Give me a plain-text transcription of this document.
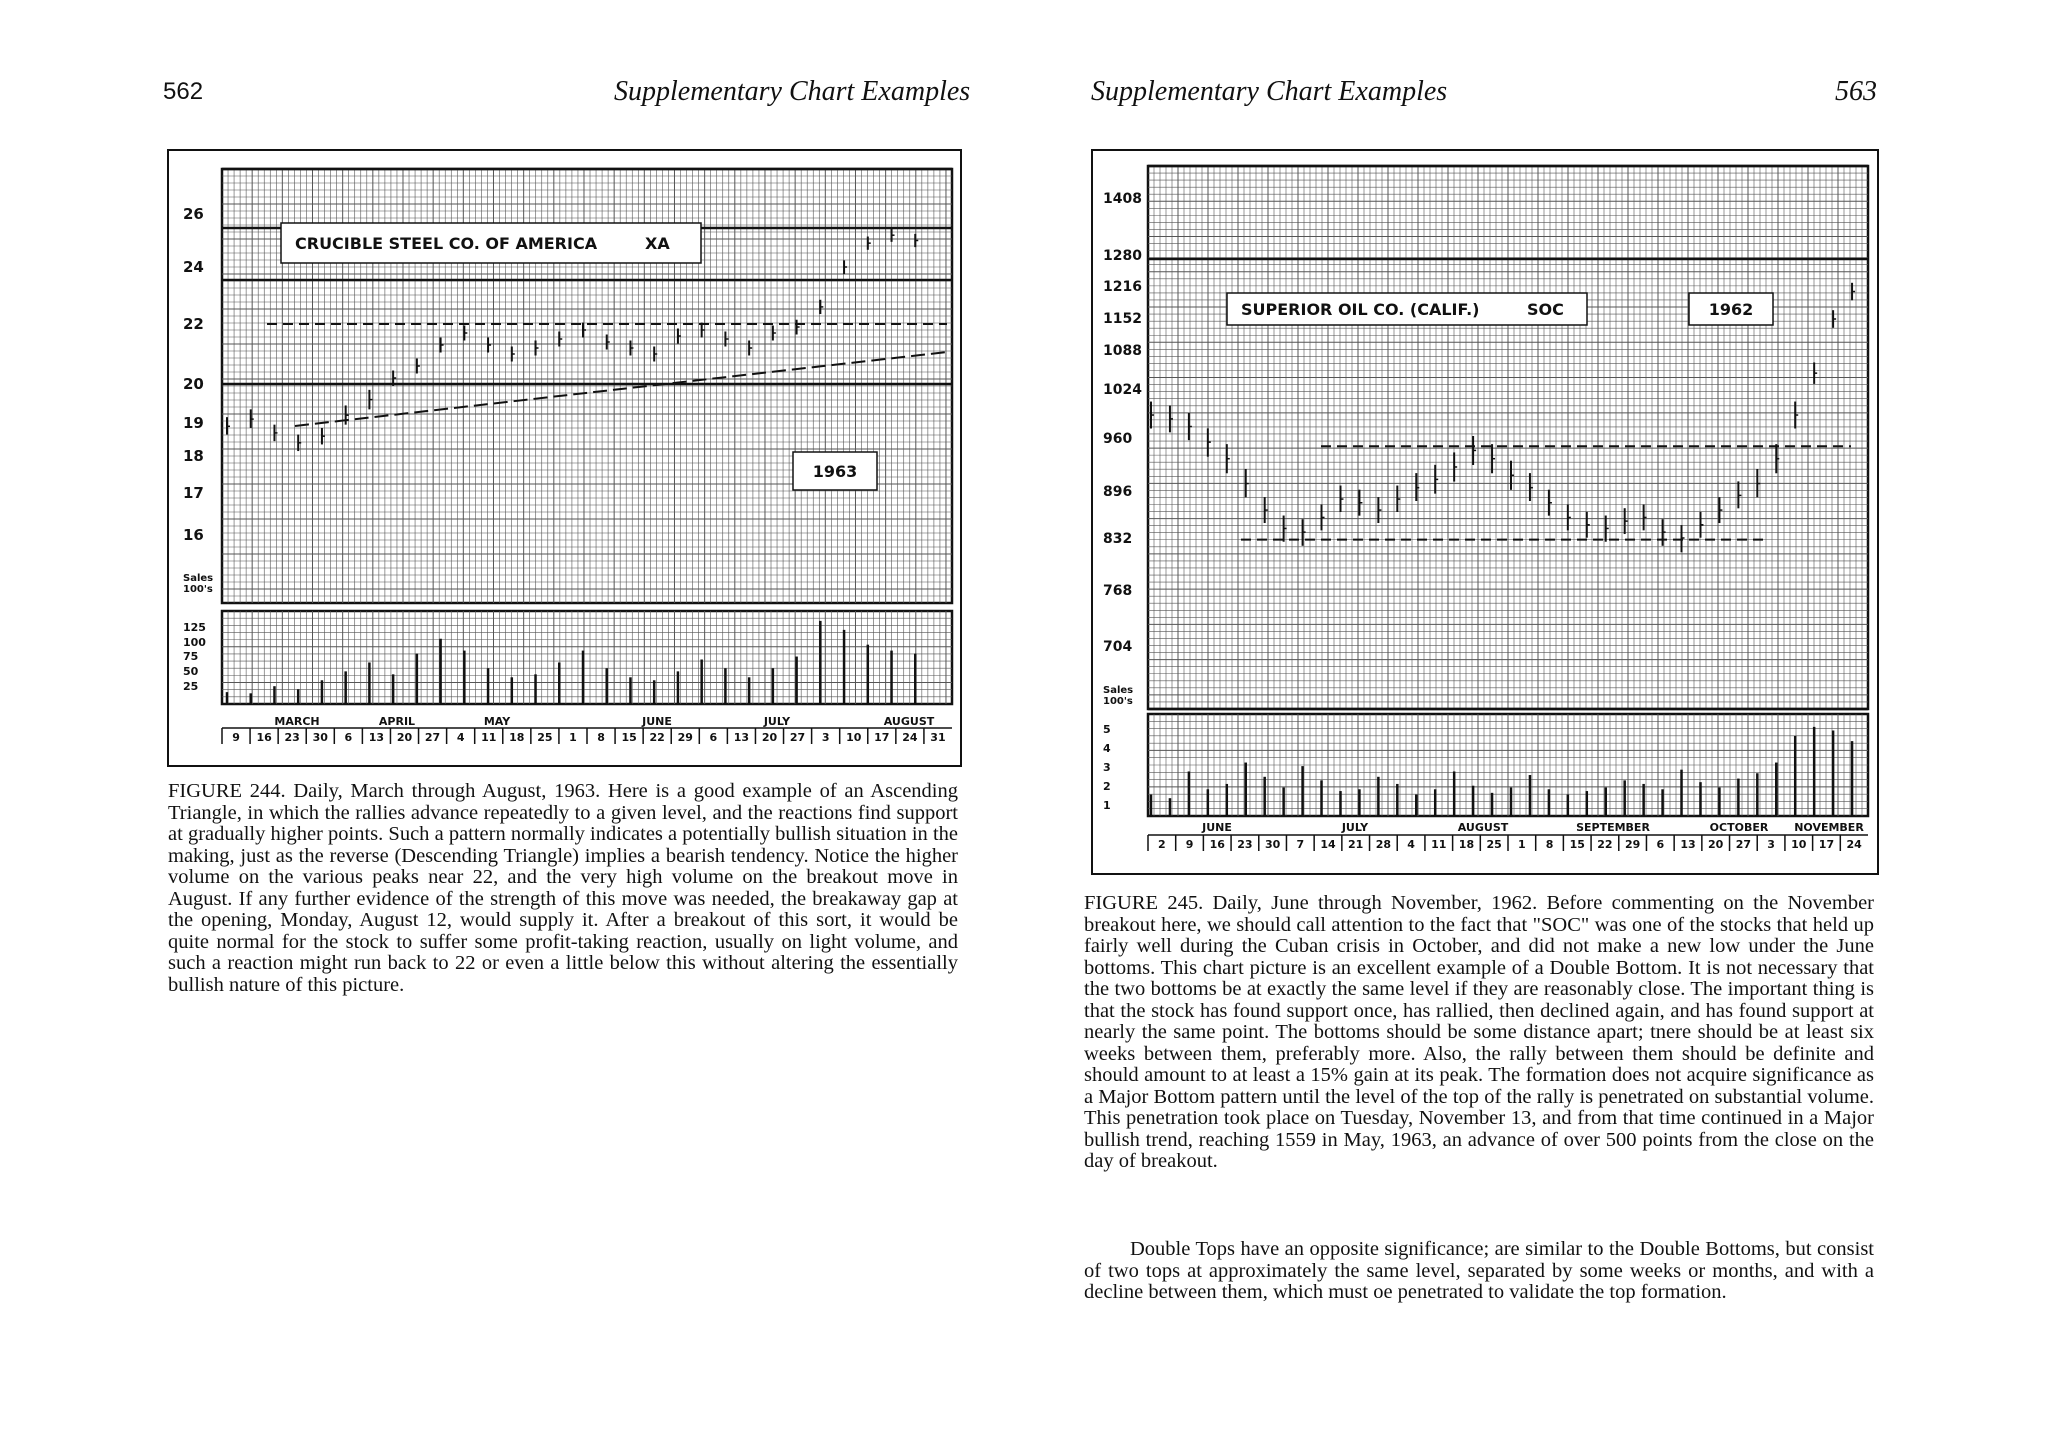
562	Supplementary Chart Examples	Supplementary Chart Examples	563
26
24
22
20
19
18
17
16
Sales
100's
125
100
75
50
25
CRUCIBLE STEEL CO. OF AMERICA	XA
1963
MARCH	APRIL	MAY	JUNE	JULY	AUGUST
9 16 23 30 6 13 20 27 4 11 18 25 1 8 15 22 29 6 13 20 27 3 10 17 24 31
1408
1280
1216
1152
1088
1024
960
896
832
768
704
Sales
100's
5
4
3
2
1
SUPERIOR OIL CO. (CALIF.)	SOC	1962
JUNE	JULY	AUGUST	SEPTEMBER	OCTOBER NOVEMBER
2 9 16 23 30 7 14 21 28 4 11 18 25 1 8 15 22 29 6 13 20 27 3 10 17 24

FIGURE 244. Daily, March through August, 1963. Here is a good example of an Ascending Triangle, in which the rallies advance repeatedly to a given level, and the reactions find support at gradually higher points. Such a pattern normally indicates a potentially bullish situation in the making, just as the reverse (Descending Triangle) implies a bearish tendency. Notice the higher volume on the various peaks near 22, and the very high volume on the breakout move in August. If any further evidence of the strength of this move was needed, the breakaway gap at the opening, Monday, August 12, would supply it. After a breakout of this sort, it would be quite normal for the stock to suffer some profit-taking reaction, usually on light volume, and such a reaction might run back to 22 or even a little below this without altering the essentially bullish nature of this picture.

FIGURE 245. Daily, June through November, 1962. Before commenting on the November breakout here, we should call attention to the fact that "SOC" was one of the stocks that held up fairly well during the Cuban crisis in October, and did not make a new low under the June bottoms. This chart picture is an excellent example of a Double Bottom. It is not necessary that the two bottoms be at exactly the same level if they are reasonably close. The important thing is that the stock has found support once, has rallied, then declined again, and has found support at nearly the same point. The bottoms should be some distance apart; tnere should be at least six weeks between them, preferably more. Also, the rally between them should be definite and should amount to at least a 15% gain at its peak. The formation does not acquire significance as a Major Bottom pattern until the level of the top of the rally is penetrated on substantial volume. This penetration took place on Tuesday, November 13, and from that time continued in a Major bullish trend, reaching 1559 in May, 1963, an advance of over 500 points from the close on the day of breakout.

Double Tops have an opposite significance; are similar to the Double Bottoms, but consist of two tops at approximately the same level, separated by some weeks or months, and with a decline between them, which must oe penetrated to validate the top formation.
